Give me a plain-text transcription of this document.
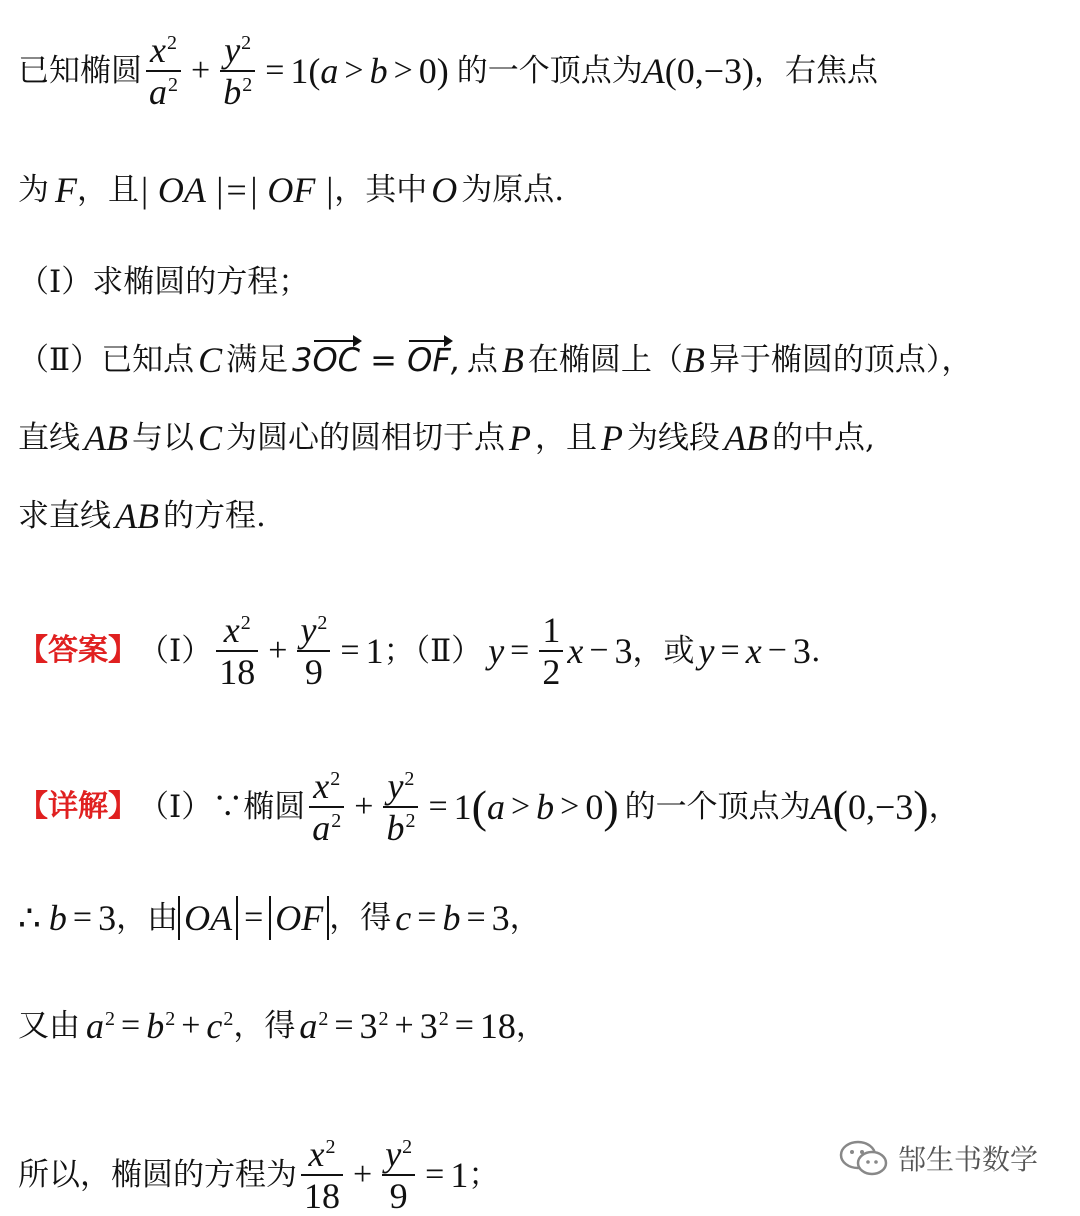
已知椭圆 $\frac{x^2}{a^2} + \frac{y^2}{b^2} = 1$( a > b > 0) 的一个顶点为 A (0,−3) ，右焦点
为 F ，且 | OA |=| OF | ，其中 O 为原点.
（Ⅰ）求椭圆的方程；
（Ⅱ）已知点 C 满足 3OC = OF, 点 B 在椭圆上（ B 异于椭圆的顶点），
直线 AB 与以 C 为圆心的圆相切于点 P ，且 P 为线段 AB 的中点,
求直线 AB 的方程.
【答案】 （Ⅰ） $\frac{x^2}{18} + \frac{y^2}{9} = 1$ ；（Ⅱ） $y = \frac{1}{2}$ x − 3 ，或 y = x − 3 .
【详解】 （Ⅰ）∵椭圆 $\frac{x^2}{a^2} + \frac{y^2}{b^2} = 1$ ( a > b > 0 ) 的一个顶点为 A ( 0,−3 ) ，
∴ b = 3 ，由 OA = OF ，得 c = b = 3 ，
又由 $a^2 = b^2 + c^2$ ，得 $a^2 = 3^2 + 3^2 = 18$ ，
所以，椭圆的方程为 $\frac{x^2}{18} + \frac{y^2}{9} = 1$ ；	郜生书数学
